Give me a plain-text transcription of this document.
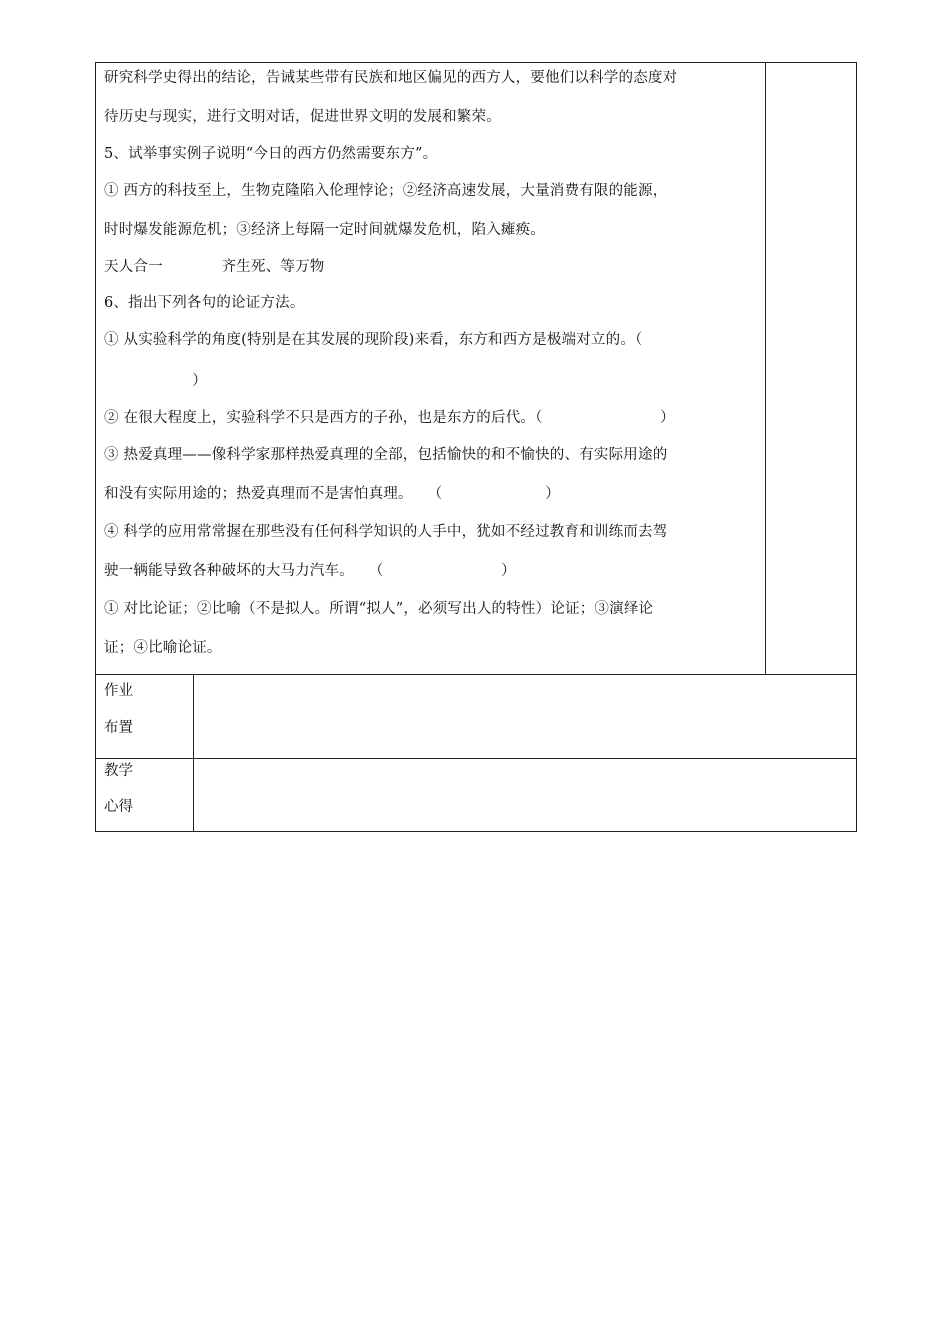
研究科学史得出的结论，告诫某些带有民族和地区偏见的西方人，要他们以科学的态度对
待历史与现实，进行文明对话，促进世界文明的发展和繁荣。
5、试举事实例子说明“今日的西方仍然需要东方”。
① 西方的科技至上，生物克隆陷入伦理悖论；②经济高速发展，大量消费有限的能源，
时时爆发能源危机；③经济上每隔一定时间就爆发危机，陷入瘫痪。
天人合一　　　　齐生死、等万物
6、指出下列各句的论证方法。
① 从实验科学的角度(特别是在其发展的现阶段)来看，东方和西方是极端对立的。（
　　　　　　）
② 在很大程度上，实验科学不只是西方的子孙，也是东方的后代。（　　　　　　　　）
③ 热爱真理——像科学家那样热爱真理的全部，包括愉快的和不愉快的、有实际用途的
和没有实际用途的；热爱真理而不是害怕真理。　　（　　　　　　　）
④ 科学的应用常常握在那些没有任何科学知识的人手中，犹如不经过教育和训练而去驾
驶一辆能导致各种破坏的大马力汽车。　　（　　　　　　　　）
① 对比论证；②比喻（不是拟人。所谓“拟人”，必须写出人的特性）论证；③演绎论
证；④比喻论证。
作业
布置
教学
心得
